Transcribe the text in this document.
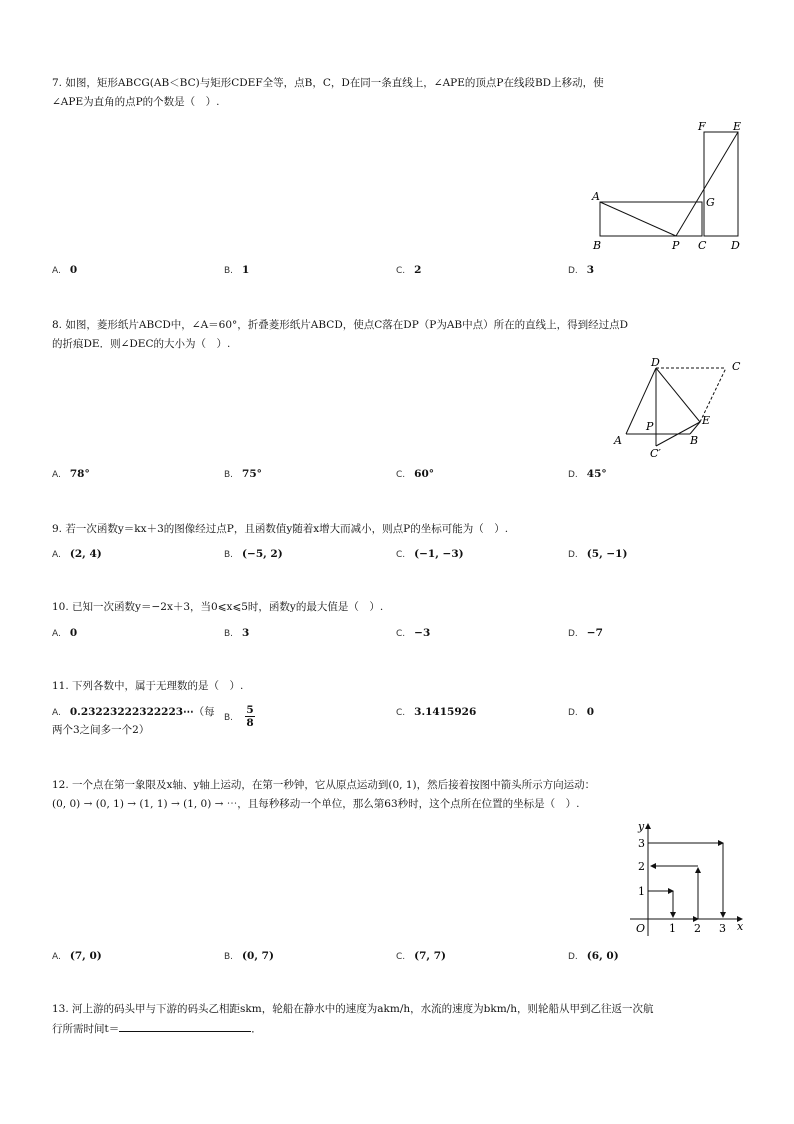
7. 如图，矩形ABCG(AB＜BC)与矩形CDEF全等，点B，C，D在同一条直线上，∠APE的顶点P在线段BD上移动，使

∠APE为直角的点P的个数是（　）.

F E
A	G
B	P C D
A. 0	B. 1	C. 2	D. 3

8. 如图，菱形纸片ABCD中，∠A＝60°，折叠菱形纸片ABCD，使点C落在DP（P为AB中点）所在的直线上，得到经过点D

的折痕DE．则∠DEC的大小为（　）.

D	C
P	E
A	B
C′
A. 78°	B. 75°	C. 60°	D. 45°

9. 若一次函数y＝kx＋3的图像经过点P，且函数值y随着x增大而减小，则点P的坐标可能为（　）.

A. (2, 4)	B. (−5, 2)	C. (−1, −3)	D. (5, −1)

10. 已知一次函数y＝−2x＋3，当0⩽x⩽5时，函数y的最大值是（　）.

A. 0	B. 3	C. −3	D. −7

11. 下列各数中，属于无理数的是（　）.

A. 0.23223222322223⋯（每
两个3之间多一个2）
B. $\frac{5}{8}$	C. 3.1415926	D. 0

12. 一个点在第一象限及x轴、y轴上运动，在第一秒钟，它从原点运动到(0, 1)，然后接着按图中箭头所示方向运动：

(0, 0) → (0, 1) → (1, 1) → (1, 0) → ⋯，且每秒移动一个单位，那么第63秒时，这个点所在位置的坐标是（　）.

y
x
O 1 2 3
1
2
3
A. (7, 0)	B. (0, 7)	C. (7, 7)	D. (6, 0)

13. 河上游的码头甲与下游的码头乙相距skm，轮船在静水中的速度为akm/h，水流的速度为bkm/h，则轮船从甲到乙往返一次航

行所需时间t＝	．
